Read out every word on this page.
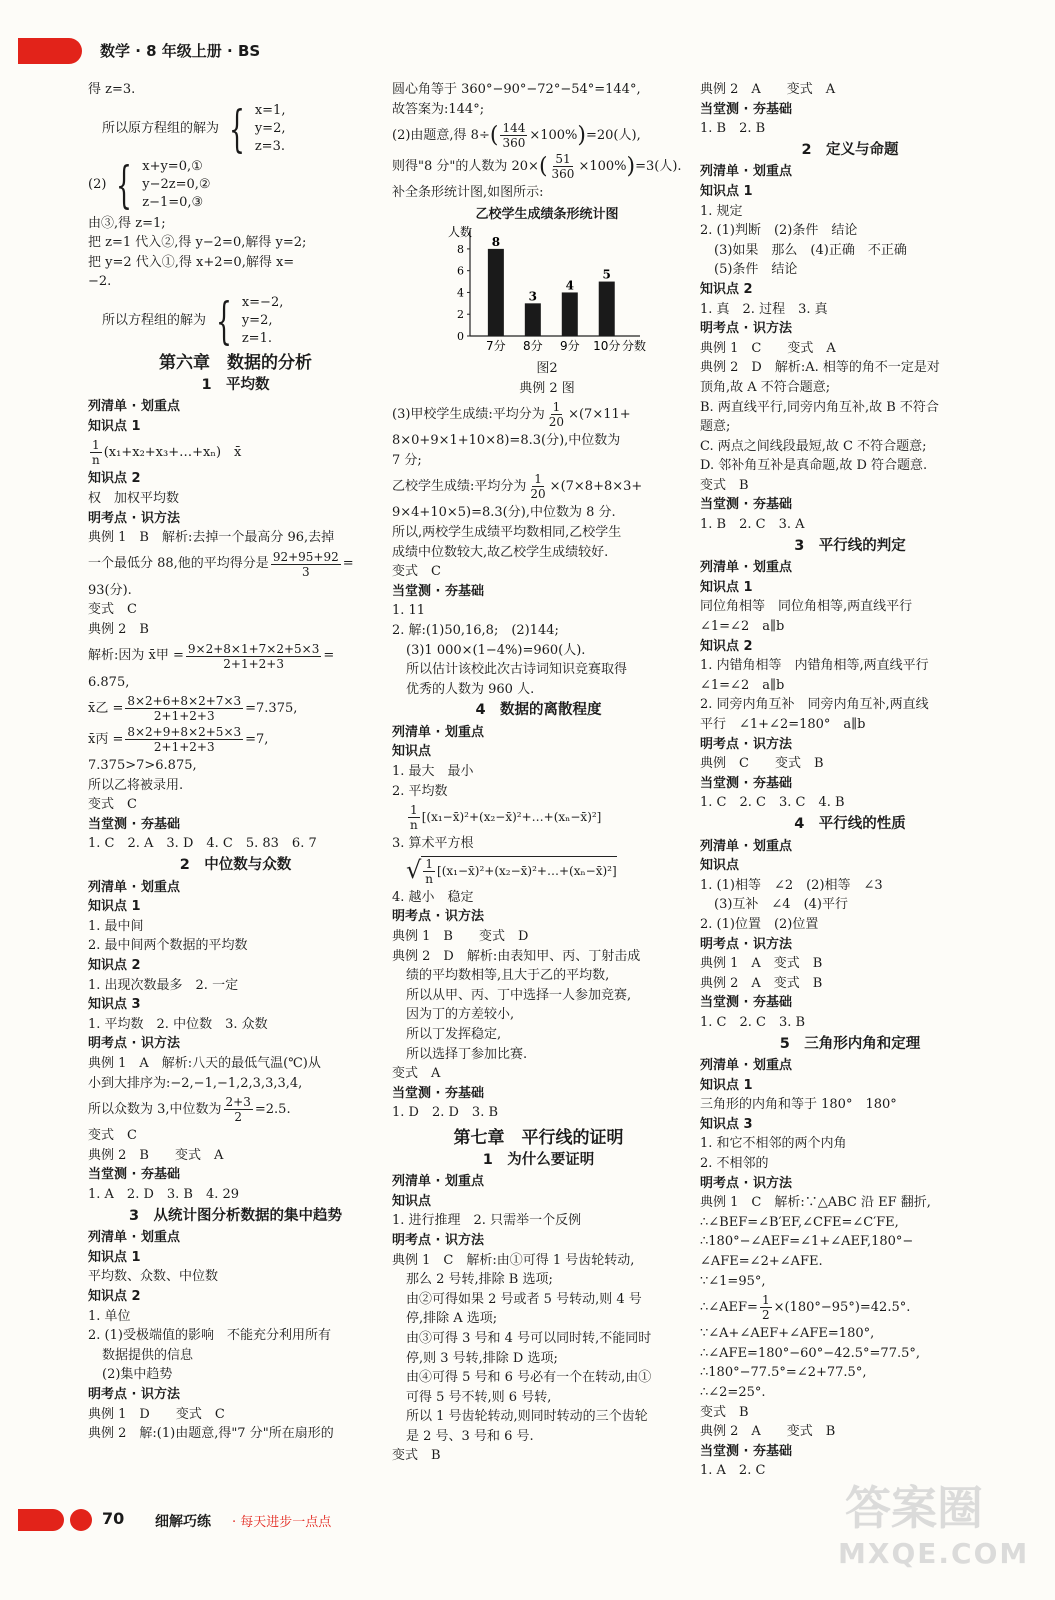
数学 · 8 年级上册 · BS

得 z=3.

所以原方程组的解为 { x=1,
y=2,
z=3.
(2) { x+y=0,①
y−2z=0,②
z−1=0,③

由③,得 z=1;

把 z=1 代入②,得 y−2=0,解得 y=2;

把 y=2 代入①,得 x+2=0,解得 x=

−2.

所以方程组的解为 { x=−2,
y=2,
z=1.

第六章　数据的分析

1　平均数

列清单 · 划重点

知识点 1

$\frac{1}{n}$ (x₁+x₂+x₃+…+xₙ)　x̄

知识点 2

权　加权平均数

明考点 · 识方法

典例 1　B　解析:去掉一个最高分 96,去掉

一个最低分 88,他的平均得分是 $\frac{92+95+92}{3}$ =

93(分).

变式　C

典例 2　B

解析:因为 x̄甲 = $\frac{9\times 2+8\times 1+7\times 2+5\times 3}{2+1+2+3}$ =

6.875,

x̄乙 = $\frac{8\times 2+6+8\times 2+7\times 3}{2+1+2+3} =7.375$,
x̄丙 = $\frac{8\times 2+9+8\times 2+5\times 3}{2+1+2+3} =7$,

7.375>7>6.875,

所以乙将被录用.

变式　C

当堂测 · 夯基础

1. C　2. A　3. D　4. C　5. 83　6. 7

2　中位数与众数

列清单 · 划重点

知识点 1

1. 最中间

2. 最中间两个数据的平均数

知识点 2

1. 出现次数最多　2. 一定

知识点 3

1. 平均数　2. 中位数　3. 众数

明考点 · 识方法

典例 1　A　解析:八天的最低气温(℃)从

小到大排序为:−2,−1,−1,2,3,3,3,4,

所以众数为 3,中位数为 $\frac{2+3}{2} =2.5$.

变式　C

典例 2　B　　变式　A

当堂测 · 夯基础

1. A　2. D　3. B　4. 29

3　从统计图分析数据的集中趋势

列清单 · 划重点

知识点 1

平均数、众数、中位数

知识点 2

1. 单位

2. (1)受极端值的影响　不能充分利用所有

数据提供的信息

(2)集中趋势

明考点 · 识方法

典例 1　D　　变式　C

典例 2　解:(1)由题意,得"7 分"所在扇形的

圆心角等于 360°−90°−72°−54°=144°,

故答案为:144°;

(2)由题意,得 8÷ ( $\frac{144}{360} \times 100\%$ ) =20(人),
则得"8 分"的人数为 20× ( $\frac{51}{360} \times 100\%$ ) =3(人).

补全条形统计图,如图所示:

乙校学生成绩条形统计图
人数
分数
0
2
4
6
8
8
7分
3
8分
4
9分
5
10分

图2

典例 2 图

(3)甲校学生成绩:平均分为 $\frac{1}{20} \times(7\times 11+$

8×0+9×1+10×8)=8.3(分),中位数为

7 分;

乙校学生成绩:平均分为 $\frac{1}{20} \times(7\times 8+8\times 3+$

9×4+10×5)=8.3(分),中位数为 8 分.

所以,两校学生成绩平均数相同,乙校学生

成绩中位数较大,故乙校学生成绩较好.

变式　C

当堂测 · 夯基础

1. 11

2. 解:(1)50,16,8;　(2)144;

(3)1 000×(1−4%)=960(人).

所以估计该校此次古诗词知识竞赛取得

优秀的人数为 960 人.

4　数据的离散程度

列清单 · 划重点

知识点

1. 最大　最小

2. 平均数

$\frac{1}{n}$ [(x₁−x̄)²+(x₂−x̄)²+…+(xₙ−x̄)²]

3. 算术平方根

√ $\frac{1}{n}$ [(x₁−x̄)²+(x₂−x̄)²+…+(xₙ−x̄)²]

4. 越小　稳定

明考点 · 识方法

典例 1　B　　变式　D

典例 2　D　解析:由表知甲、丙、丁射击成

绩的平均数相等,且大于乙的平均数,

所以从甲、丙、丁中选择一人参加竞赛,

因为丁的方差较小,

所以丁发挥稳定,

所以选择丁参加比赛.

变式　A

当堂测 · 夯基础

1. D　2. D　3. B

第七章　平行线的证明

1　为什么要证明

列清单 · 划重点

知识点

1. 进行推理　2. 只需举一个反例

明考点 · 识方法

典例 1　C　解析:由①可得 1 号齿轮转动,

那么 2 号转,排除 B 选项;

由②可得如果 2 号或者 5 号转动,则 4 号

停,排除 A 选项;

由③可得 3 号和 4 号可以同时转,不能同时

停,则 3 号转,排除 D 选项;

由④可得 5 号和 6 号必有一个在转动,由①

可得 5 号不转,则 6 号转,

所以 1 号齿轮转动,则同时转动的三个齿轮

是 2 号、3 号和 6 号.

变式　B

典例 2　A　　变式　A

当堂测 · 夯基础

1. B　2. B

2　定义与命题

列清单 · 划重点

知识点 1

1. 规定

2. (1)判断　(2)条件　结论

(3)如果　那么　(4)正确　不正确

(5)条件　结论

知识点 2

1. 真　2. 过程　3. 真

明考点 · 识方法

典例 1　C　　变式　A

典例 2　D　解析:A. 相等的角不一定是对

顶角,故 A 不符合题意;

B. 两直线平行,同旁内角互补,故 B 不符合

题意;

C. 两点之间线段最短,故 C 不符合题意;

D. 邻补角互补是真命题,故 D 符合题意.

变式　B

当堂测 · 夯基础

1. B　2. C　3. A

3　平行线的判定

列清单 · 划重点

知识点 1

同位角相等　同位角相等,两直线平行

∠1=∠2　a∥b

知识点 2

1. 内错角相等　内错角相等,两直线平行

∠1=∠2　a∥b

2. 同旁内角互补　同旁内角互补,两直线

平行　∠1+∠2=180°　a∥b

明考点 · 识方法

典例　C　　变式　B

当堂测 · 夯基础

1. C　2. C　3. C　4. B

4　平行线的性质

列清单 · 划重点

知识点

1. (1)相等　∠2　(2)相等　∠3

(3)互补　∠4　(4)平行

2. (1)位置　(2)位置

明考点 · 识方法

典例 1　A　变式　B

典例 2　A　变式　B

当堂测 · 夯基础

1. C　2. C　3. B

5　三角形内角和定理

列清单 · 划重点

知识点 1

三角形的内角和等于 180°　180°

知识点 3

1. 和它不相邻的两个内角

2. 不相邻的

明考点 · 识方法

典例 1　C　解析:∵△ABC 沿 EF 翻折,

∴∠BEF=∠B′EF,∠CFE=∠C′FE,

∴180°−∠AEF=∠1+∠AEF,180°−

∠AFE=∠2+∠AFE.

∵∠1=95°,

∴∠AEF= $\frac{1}{2} \times(180^\circ-95^\circ)=42.5^\circ$.

∵∠A+∠AEF+∠AFE=180°,

∴∠AFE=180°−60°−42.5°=77.5°,

∴180°−77.5°=∠2+77.5°,

∴∠2=25°.

变式　B

典例 2　A　　变式　B

当堂测 · 夯基础

1. A　2. C

70 细解巧练 · 每天进步一点点	答案圈
MXQE.COM
